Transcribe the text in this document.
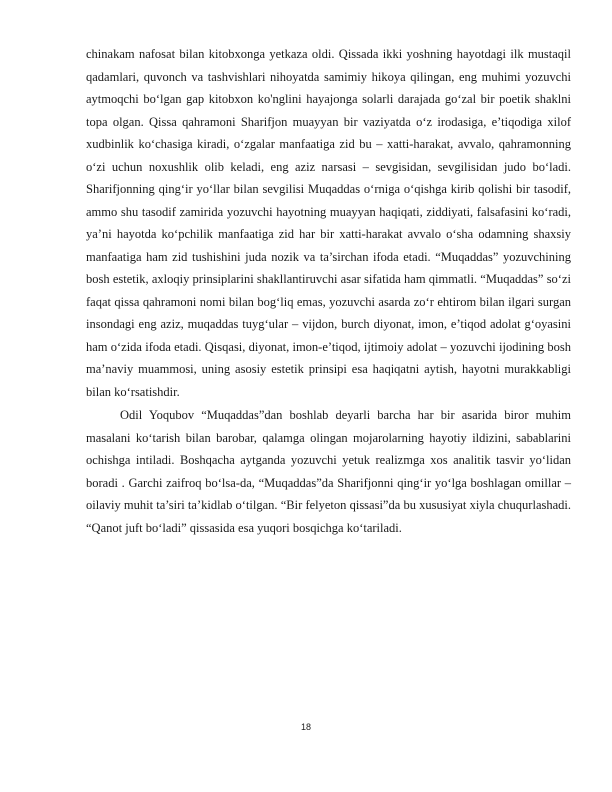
chinakam nafosat bilan kitobxonga yetkaza oldi. Qissada ikki yoshning hayotdagi ilk mustaqil qadamlari, quvonch va tashvishlari nihoyatda samimiy hikoya qilingan, eng muhimi yozuvchi aytmoqchi bo‘lgan gap kitobxon ko'nglini hayajonga solarli darajada go‘zal bir poetik shaklni topa olgan. Qissa qahramoni Sharifjon muayyan bir vaziyatda o‘z irodasiga, e’tiqodiga xilof xudbinlik ko‘chasiga kiradi, o‘zgalar manfaatiga zid bu – xatti-harakat, avvalo, qahramonning o‘zi uchun noxushlik olib keladi, eng aziz narsasi – sevgisidan, sevgilisidan judo bo‘ladi. Sharifjonning qing‘ir yo‘llar bilan sevgilisi Muqaddas o‘rniga o‘qishga kirib qolishi bir tasodif, ammo shu tasodif zamirida yozuvchi hayotning muayyan haqiqati, ziddiyati, falsafasini ko‘radi, ya’ni hayotda ko‘pchilik manfaatiga zid har bir xatti-harakat avvalo o‘sha odamning shaxsiy manfaatiga ham zid tushishini juda nozik va ta’sirchan ifoda etadi. “Muqaddas” yozuvchining bosh estetik, axloqiy prinsiplarini shakllantiruvchi asar sifatida ham qimmatli. “Muqaddas” so‘zi faqat qissa qahramoni nomi bilan bog‘liq emas, yozuvchi asarda zo‘r ehtirom bilan ilgari surgan insondagi eng aziz, muqaddas tuyg‘ular – vijdon, burch diyonat, imon, e’tiqod adolat g‘oyasini ham o‘zida ifoda etadi. Qisqasi, diyonat, imon-e’tiqod, ijtimoiy adolat – yozuvchi ijodining bosh ma’naviy muammosi, uning asosiy estetik prinsipi esa haqiqatni aytish, hayotni murakkabligi bilan ko‘rsatishdir.

Odil Yoqubov “Muqaddas”dan boshlab deyarli barcha har bir asarida biror muhim masalani ko‘tarish bilan barobar, qalamga olingan mojarolarning hayotiy ildizini, sabablarini ochishga intiladi. Boshqacha aytganda yozuvchi yetuk realizmga xos analitik tasvir yo‘lidan boradi . Garchi zaifroq bo‘lsa-da, “Muqaddas”da Sharifjonni qing‘ir yo‘lga boshlagan omillar – oilaviy muhit ta’siri ta’kidlab o‘tilgan. “Bir felyeton qissasi”da bu xususiyat xiyla chuqurlashadi. “Qanot juft bo‘ladi” qissasida esa yuqori bosqichga ko‘tariladi.

18
